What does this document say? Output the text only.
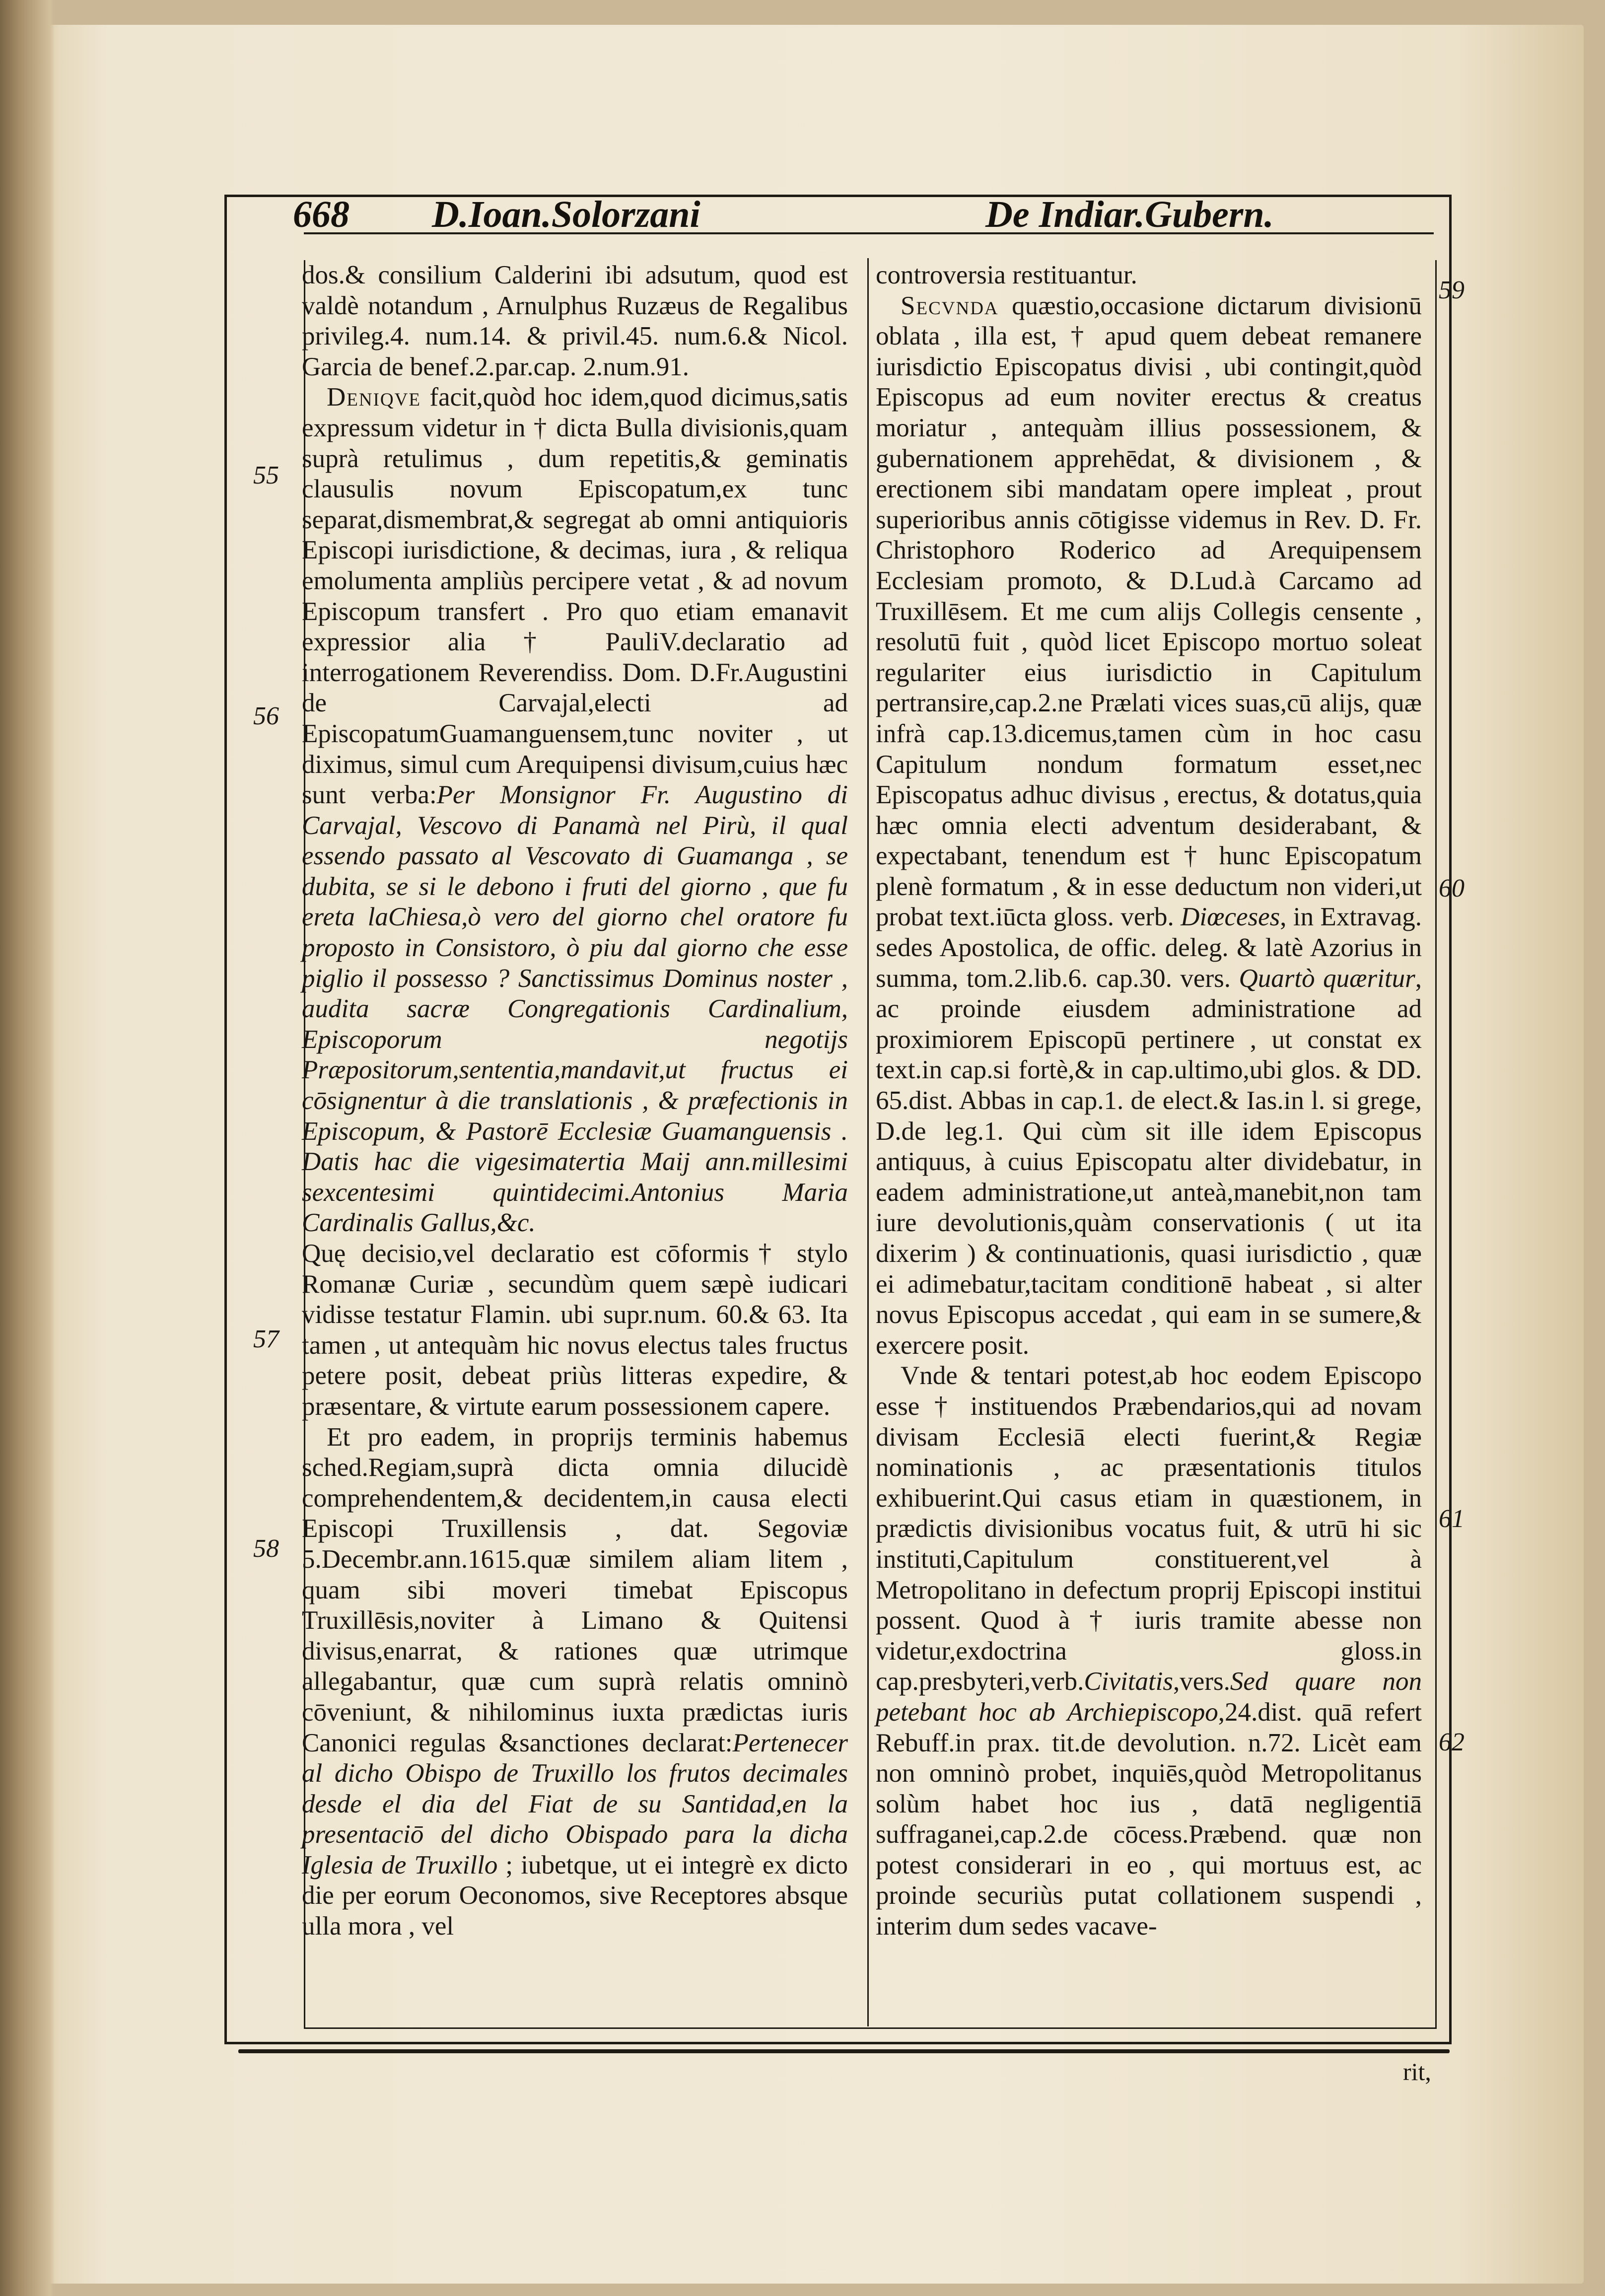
668 D.Ioan.Solorzani	De Indiar.Gubern.
55
56
57
58
59
60
61
62

dos.& consilium Calderini ibi adsutum, quod est valdè notandum , Arnulphus Ruzæus de Regalibus privileg.4. num.14. & privil.45. num.6.& Nicol. Garcia de benef.2.par.cap. 2.num.91.

Deniqve facit,quòd hoc idem,quod dicimus,satis expressum videtur in † dicta Bulla divisionis,quam suprà retulimus , dum repetitis,& geminatis clausulis novum Episcopatum,ex tunc separat,dismembrat,& segregat ab omni antiquioris Episcopi iurisdictione, & decimas, iura , & reliqua emolumenta ampliùs percipere vetat , & ad novum Episcopum transfert . Pro quo etiam emanavit expressior alia † PauliV.declaratio ad interrogationem Reverendiss. Dom. D.Fr.Augustini de Carvajal,electi ad EpiscopatumGuamanguensem,tunc noviter , ut diximus, simul cum Arequipensi divisum,cuius hæc sunt verba:Per Monsignor Fr. Augustino di Carvajal, Vescovo di Panamà nel Pirù, il qual essendo passato al Vescovato di Guamanga , se dubita, se si le debono i fruti del giorno , que fu ereta laChiesa,ò vero del giorno chel oratore fu proposto in Consistoro, ò piu dal giorno che esse piglio il possesso ? Sanctissimus Dominus noster , audita sacræ Congregationis Cardinalium, Episcoporum negotijs Præpositorum,sententia,mandavit,ut fructus ei cōsignentur à die translationis , & præfectionis in Episcopum, & Pastorē Ecclesiæ Guamanguensis . Datis hac die vigesimatertia Maij ann.millesimi sexcentesimi quintidecimi.Antonius Maria Cardinalis Gallus,&c.

Quę decisio,vel declaratio est cōformis† stylo Romanæ Curiæ , secundùm quem sæpè iudicari vidisse testatur Flamin. ubi supr.num. 60.& 63. Ita tamen , ut antequàm hic novus electus tales fructus petere posit, debeat priùs litteras expedire, & præsentare, & virtute earum possessionem capere.

Et pro eadem, in proprijs terminis habemus sched.Regiam,suprà dicta omnia dilucidè comprehendentem,& decidentem,in causa electi Episcopi Truxillensis , dat. Segoviæ 5.Decembr.ann.1615.quæ similem aliam litem , quam sibi moveri timebat Episcopus Truxillēsis,noviter à Limano & Quitensi divisus,enarrat, & rationes quæ utrimque allegabantur, quæ cum suprà relatis omninò cōveniunt, & nihilominus iuxta prædictas iuris Canonici regulas &sanctiones declarat:Pertenecer al dicho Obispo de Truxillo los frutos decimales desde el dia del Fiat de su Santidad,en la presentaciō del dicho Obispado para la dicha Iglesia de Truxillo ; iubetque, ut ei integrè ex dicto die per eorum Oeconomos, sive Receptores absque ulla mora , vel

controversia restituantur.

Secvnda quæstio,occasione dictarum divisionū oblata , illa est, † apud quem debeat remanere iurisdictio Episcopatus divisi , ubi contingit,quòd Episcopus ad eum noviter erectus & creatus moriatur , antequàm illius possessionem, & gubernationem apprehēdat, & divisionem , & erectionem sibi mandatam opere impleat , prout superioribus annis cōtigisse videmus in Rev. D. Fr. Christophoro Roderico ad Arequipensem Ecclesiam promoto, & D.Lud.à Carcamo ad Truxillēsem. Et me cum alijs Collegis censente , resolutū fuit , quòd licet Episcopo mortuo soleat regulariter eius iurisdictio in Capitulum pertransire,cap.2.ne Prælati vices suas,cū alijs, quæ infrà cap.13.dicemus,tamen cùm in hoc casu Capitulum nondum formatum esset,nec Episcopatus adhuc divisus , erectus, & dotatus,quia hæc omnia electi adventum desiderabant, & expectabant, tenendum est † hunc Episcopatum plenè formatum , & in esse deductum non videri,ut probat text.iūcta gloss. verb. Diœceses, in Extravag. sedes Apostolica, de offic. deleg. & latè Azorius in summa, tom.2.lib.6. cap.30. vers. Quartò quæritur, ac proinde eiusdem administratione ad proximiorem Episcopū pertinere , ut constat ex text.in cap.si fortè,& in cap.ultimo,ubi glos. & DD. 65.dist. Abbas in cap.1. de elect.& Ias.in l. si grege, D.de leg.1. Qui cùm sit ille idem Episcopus antiquus, à cuius Episcopatu alter dividebatur, in eadem administratione,ut anteà,manebit,non tam iure devolutionis,quàm conservationis ( ut ita dixerim ) & continuationis, quasi iurisdictio , quæ ei adimebatur,tacitam conditionē habeat , si alter novus Episcopus accedat , qui eam in se sumere,& exercere posit.

Vnde & tentari potest,ab hoc eodem Episcopo esse † instituendos Præbendarios,qui ad novam divisam Ecclesiā electi fuerint,& Regiæ nominationis , ac præsentationis titulos exhibuerint.Qui casus etiam in quæstionem, in prædictis divisionibus vocatus fuit, & utrū hi sic instituti,Capitulum constituerent,vel à Metropolitano in defectum proprij Episcopi institui possent. Quod à † iuris tramite abesse non videtur,exdoctrina gloss.in cap.presbyteri,verb.Civitatis,vers.Sed quare non petebant hoc ab Archiepiscopo,24.dist. quā refert Rebuff.in prax. tit.de devolution. n.72. Licèt eam non omninò probet, inquiēs,quòd Metropolitanus solùm habet hoc ius , datā negligentiā suffraganei,cap.2.de cōcess.Præbend. quæ non potest considerari in eo , qui mortuus est, ac proinde securiùs putat collationem suspendi , interim dum sedes vacave-

rit,
